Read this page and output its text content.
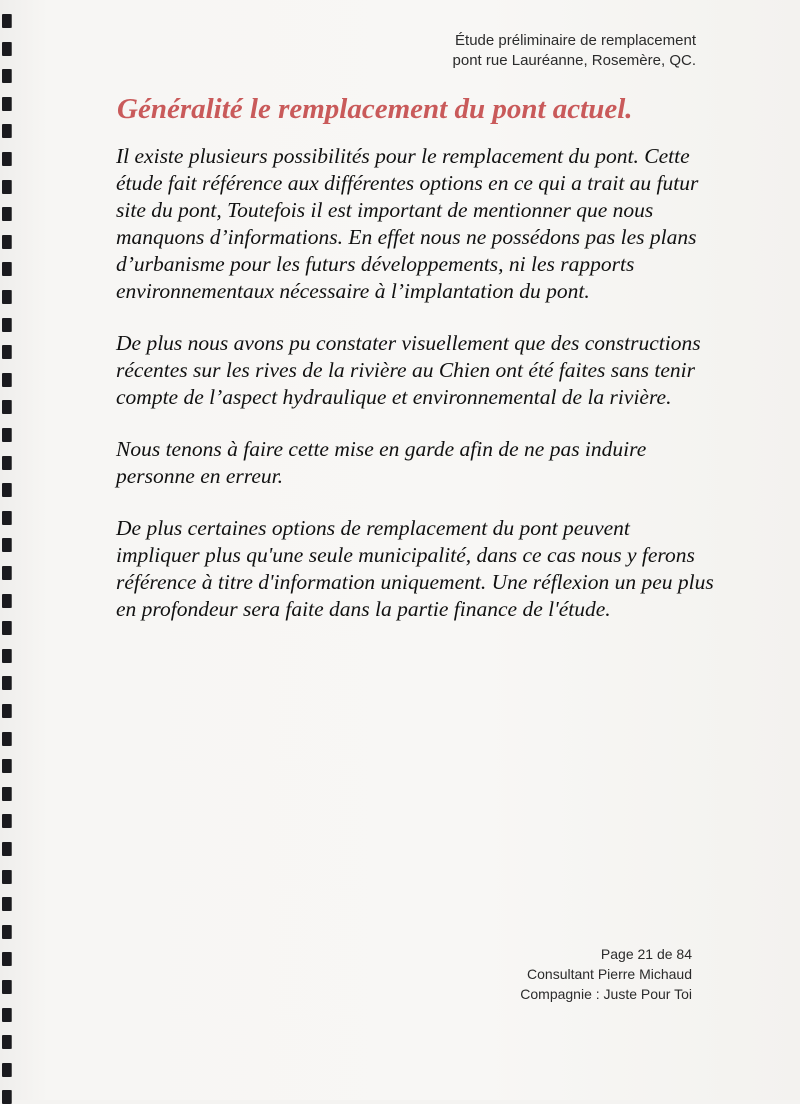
Étude préliminaire de remplacement
pont rue Lauréanne, Rosemère, QC.
Généralité le remplacement du pont actuel.

Il existe plusieurs possibilités pour le remplacement du pont. Cette étude fait référence aux différentes options en ce qui a trait au futur site du pont, Toutefois il est important de mentionner que nous manquons d’informations. En effet nous ne possédons pas les plans d’urbanisme pour les futurs développements, ni les rapports environnementaux nécessaire à l’implantation du pont.

De plus nous avons pu constater visuellement que des constructions récentes sur les rives de la rivière au Chien ont été faites sans tenir compte de l’aspect hydraulique et environnemental de la rivière.

Nous tenons à faire cette mise en garde afin de ne pas induire personne en erreur.

De plus certaines options de remplacement du pont peuvent impliquer plus qu'une seule municipalité, dans ce cas nous y ferons référence à titre d'information uniquement. Une réflexion un peu plus en profondeur sera faite dans la partie finance de l'étude.

Page 21 de 84
Consultant Pierre Michaud
Compagnie : Juste Pour Toi
